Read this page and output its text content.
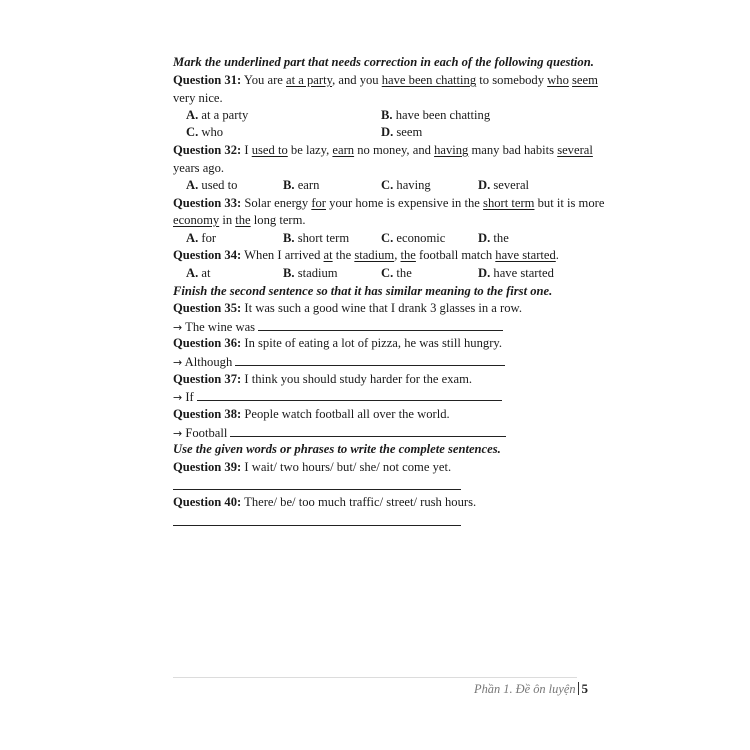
Mark the underlined part that needs correction in each of the following question.
Question 31: You are at a party, and you have been chatting to somebody who seem
very nice.
A. at a party	B. have been chatting
C. who	D. seem
Question 32: I used to be lazy, earn no money, and having many bad habits several
years ago.
A. used to	B. earn	C. having	D. several
Question 33: Solar energy for your home is expensive in the short term but it is more
economy in the long term.
A. for	B. short term	C. economic	D. the
Question 34: When I arrived at the stadium, the football match have started.
A. at	B. stadium	C. the	D. have started
Finish the second sentence so that it has similar meaning to the first one.
Question 35: It was such a good wine that I drank 3 glasses in a row.
→ The wine was
Question 36: In spite of eating a lot of pizza, he was still hungry.
→ Although
Question 37: I think you should study harder for the exam.
→ If
Question 38: People watch football all over the world.
→ Football
Use the given words or phrases to write the complete sentences.
Question 39: I wait/ two hours/ but/ she/ not come yet.
Question 40: There/ be/ too much traffic/ street/ rush hours.
Phần 1. Đề ôn luyện 5
